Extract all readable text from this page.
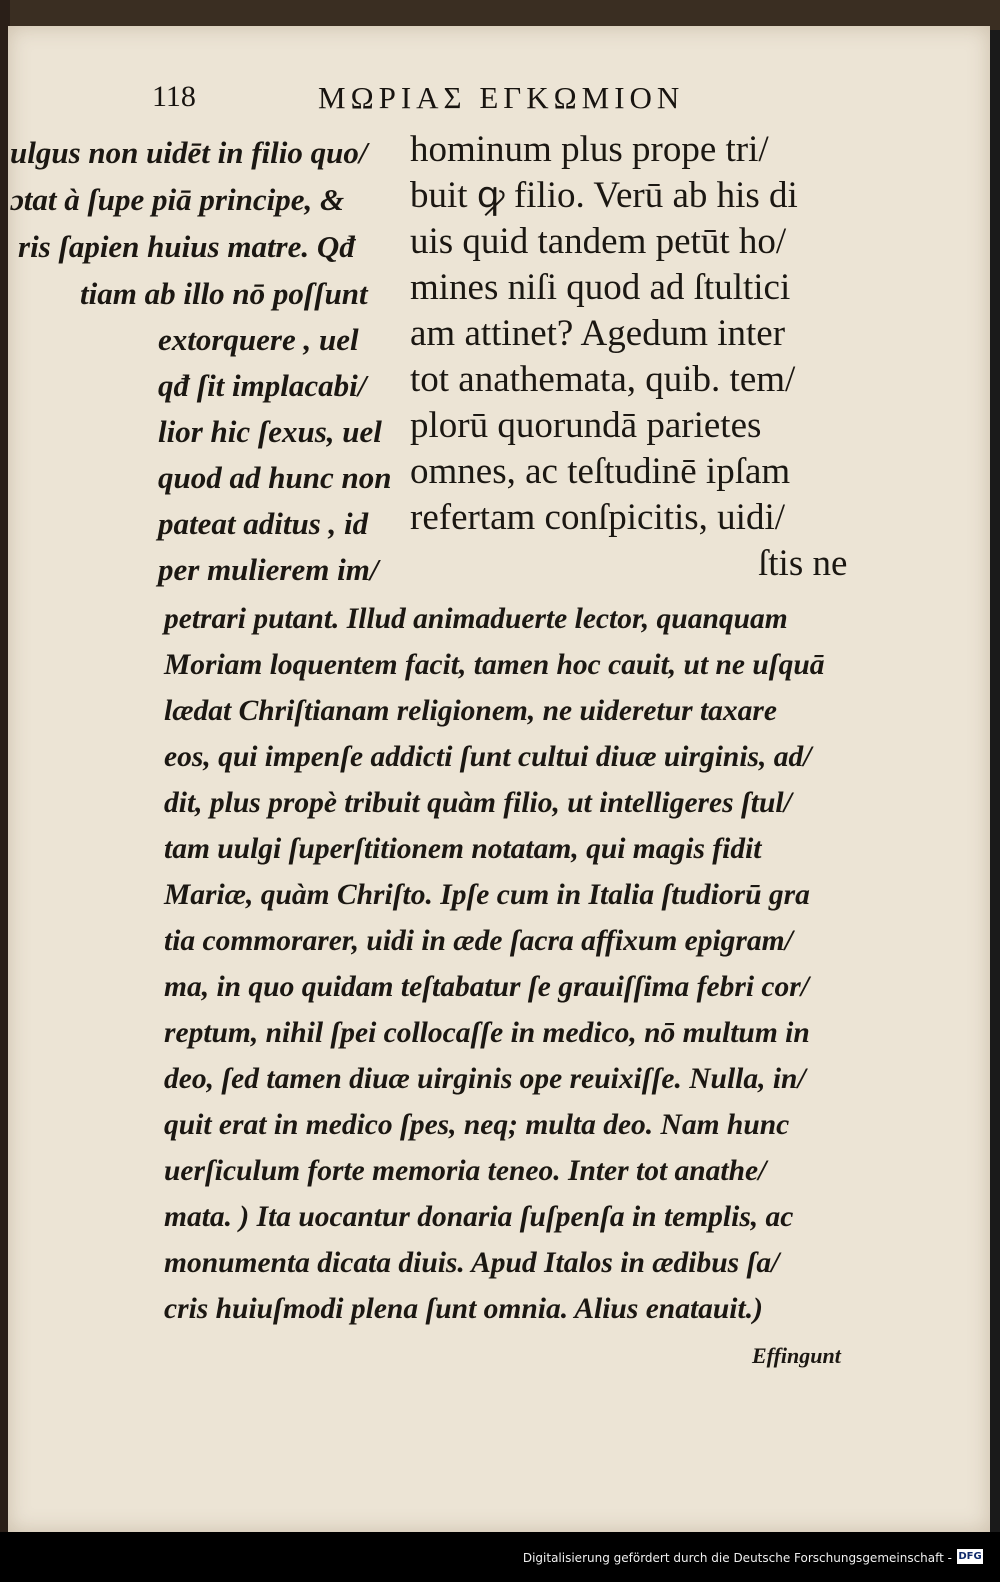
118	ΜΩΡΙΑΣ ΕΓΚΩΜΙΟΝ
ulgus non uidēt in filio quo/
ɔtat à ſupe piā principe, &
ris ſapien huius matre. Qđ
tiam ab illo nō poſſunt
extorquere , uel
qđ ſit implacabi/
lior hic ſexus, uel
quod ad hunc non
pateat aditus , id
per mulierem im/
hominum plus prope tri/
buit ꝙ filio. Verū ab his di
uis quid tandem petūt ho/
mines niſi quod ad ſtultici
am attinet? Agedum inter
tot anathemata, quib. tem/
plorū quorundā parietes
omnes, ac teſtudinē ipſam
refertam conſpicitis, uidi/
ſtis ne
petrari putant. Illud animaduerte lector, quanquam
Moriam loquentem facit, tamen hoc cauit, ut ne uſquā
lædat Chriſtianam religionem, ne uideretur taxare
eos, qui impenſe addicti ſunt cultui diuæ uirginis, ad/
dit, plus propè tribuit quàm filio, ut intelligeres ſtul/
tam uulgi ſuperſtitionem notatam, qui magis fidit
Mariæ, quàm Chriſto. Ipſe cum in Italia ſtudiorū gra
tia commorarer, uidi in æde ſacra affixum epigram/
ma, in quo quidam teſtabatur ſe grauiſſima febri cor/
reptum, nihil ſpei collocaſſe in medico, nō multum in
deo, ſed tamen diuæ uirginis ope reuixiſſe. Nulla, in/
quit erat in medico ſpes, neq; multa deo. Nam hunc
uerſiculum forte memoria teneo. Inter tot anathe/
mata. ) Ita uocantur donaria ſuſpenſa in templis, ac
monumenta dicata diuis. Apud Italos in ædibus ſa/
cris huiuſmodi plena ſunt omnia. Alius enatauit.)
Effingunt
Digitalisierung gefördert durch die Deutsche Forschungsgemeinschaft - DFG
